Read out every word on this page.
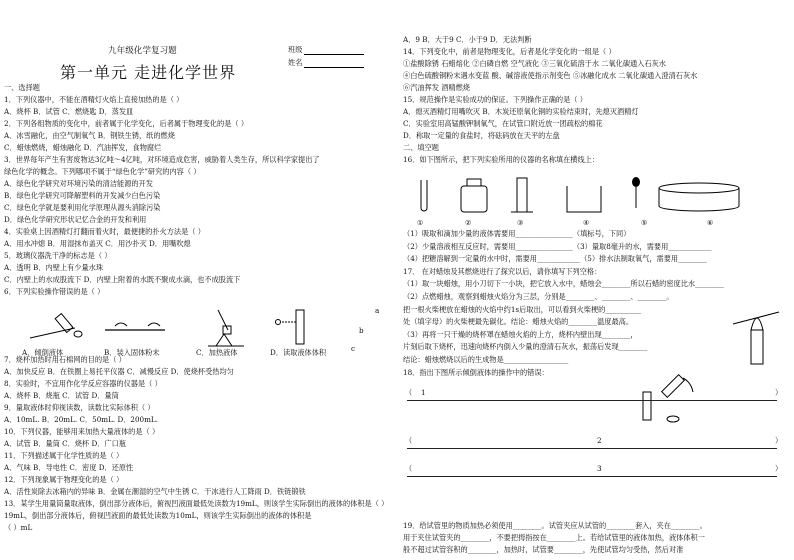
九年级化学复习题	班级
姓名
第一单元 走进化学世界
一、选择题
1．下列仪器中，不能在酒精灯火焰上直接加热的是（ ）
A．烧杯 B．试管 C．燃烧匙 D．蒸发皿
2．下列各组物质的变化中，前者属于化学变化，后者属于物理变化的是（ ）
A．冰雪融化，由空气制氧气 B．钢铁生锈，纸的燃烧
C．蜡烛燃烧，蜡烛融化 D．汽油挥发，食物腐烂
3．世界每年产生有害废物达3亿吨～4亿吨，对环境造成危害，威胁着人类生存，所以科学家提出了
绿色化学的概念。下列哪项不属于“绿色化学”研究的内容（ ）
A．绿色化学研究对环境污染的清洁能源的开发
B．绿色化学研究可降解塑料的开发减少白色污染
C．绿色化学就是要利用化学原理从源头消除污染
D．绿色化学研究形状记忆合金的开发和利用
4．实验桌上因酒精灯打翻而着火时，最便捷的扑火方法是（ ）
A．用水冲熄 B．用湿抹布盖灭 C．用沙扑灭 D．用嘴吹熄
5．玻璃仪器洗干净的标志是（ ）
A．透明 B．内壁上有少量水珠
C．内壁上的水成股流下 D．内壁上附着的水既不聚成水滴，也不成股流下
6．下列实验操作错误的是（ ）
7．烧杯加热时用石棉网的目的是（ ）
A．加快反应 B．在铁圈上易托平仪器 C．减慢反应 D．使烧杯受热均匀
8．实验时，不宜用作化学反应容器的仪器是（ ）
A．烧杯 B．烧瓶 C．试管 D．量筒
9．量取液体时仰视读数，读数比实际体积（ ）
A．10mL. B．20mL. C．50mL. D．200mL.
10．下列仪器，能够用来加热大量液体的是（ ）
A．试管 B．量筒 C．烧杯 D．广口瓶
11．下列描述属于化学性质的是（ ）
A．气味 B．导电性 C．密度 D．还原性
12．下列现象属于物理变化的是（ ）
A．活性炭除去冰箱内的异味 B．金属在潮湿的空气中生锈 C．干冰进行人工降雨 D．铁链锻铁
13．某学生用量筒量取液体，倒出部分液体后，俯视凹液面最低处读数为19mL，则该学生实际倒出的液体的体积是（ ）
19mL，倒出部分液体后，俯视凹液面的最低处读数为10mL，则该学生实际倒出的液体的体积是
（ ）mL
A．倾倒液体	B．装入固体粉末	C．加热液体	D．读取液体体积
A．9 B．大于9 C．小于9 D．无法判断
14．下列变化中，前者是物理变化，后者是化学变化的一组是（ ）
①盐酸除锈 石蜡熔化 ②白磷自燃 空气液化 ③三氧化硫溶于水 二氧化碳通入石灰水
④白色硫酸铜粉末遇水变蓝 酸、碱溶液使指示剂变色 ⑤冰融化成水 二氧化碳通入澄清石灰水
⑥汽油挥发 酒精燃烧
15．规范操作是实验成功的保证。下列操作正确的是（ ）
A．熄灭酒精灯用嘴吹灭 B．木炭还原氧化铜的实验结束时，先熄灭酒精灯
C．实验室用高锰酸钾制氧气，在试管口附近放一团疏松的棉花
D．称取一定量的食盐时，将砝码放在天平的左盘
二、填空题
16．如下图所示，把下列实验所用的仪器的名称填在横线上：
①	②	③	④	⑤	⑥
（1）吸取和滴加少量的液体需要用________________（填标号，下同）
（2）少量溶液相互反应时，需要用________________（3）量取8毫升的水，需要用____________
（4）把糖溶解到一定量的水中时，需要用____________（5）排水法制取氧气，需要用________
17． 在对蜡烛及其燃烧进行了探究以后，请你填写下列空格：
（1）取一块蜡烛，用小刀切下一小块，把它放入水中，蜡烛会________所以石蜡的密度比水________
（2）点燃蜡烛，观察到蜡烛火焰分为三层，分别是________、________、________。
把一根火柴梗放在蜡烛的火焰中约1s后取出，可以看到火柴梗的__________
处（填字母）的火柴梗最先碳化。结论：蜡烛火焰的________温度最高。
（3）再将一只干燥的烧杯罩在蜡烛火焰的上方，烧杯内壁出现________，
片刻后取下烧杯，迅速向烧杯内倒入少量的澄清石灰水，振荡后发现________
结论：蜡烛燃烧以后的生成物是__________________
18．指出下图所示倾倒液体的操作中的错误：
a
b
c
（ 1	）
（	2	）
（	3	）
19．给试管里的物质加热必须使用________。试管夹应从试管的________套入，夹在________。
用于夹住试管夹的________，不要把拇指按在________上。若给试管里的液体加热，液体体积一
般不超过试管容积的________，加热时，试管要________，先使试管均匀受热，然后对准
